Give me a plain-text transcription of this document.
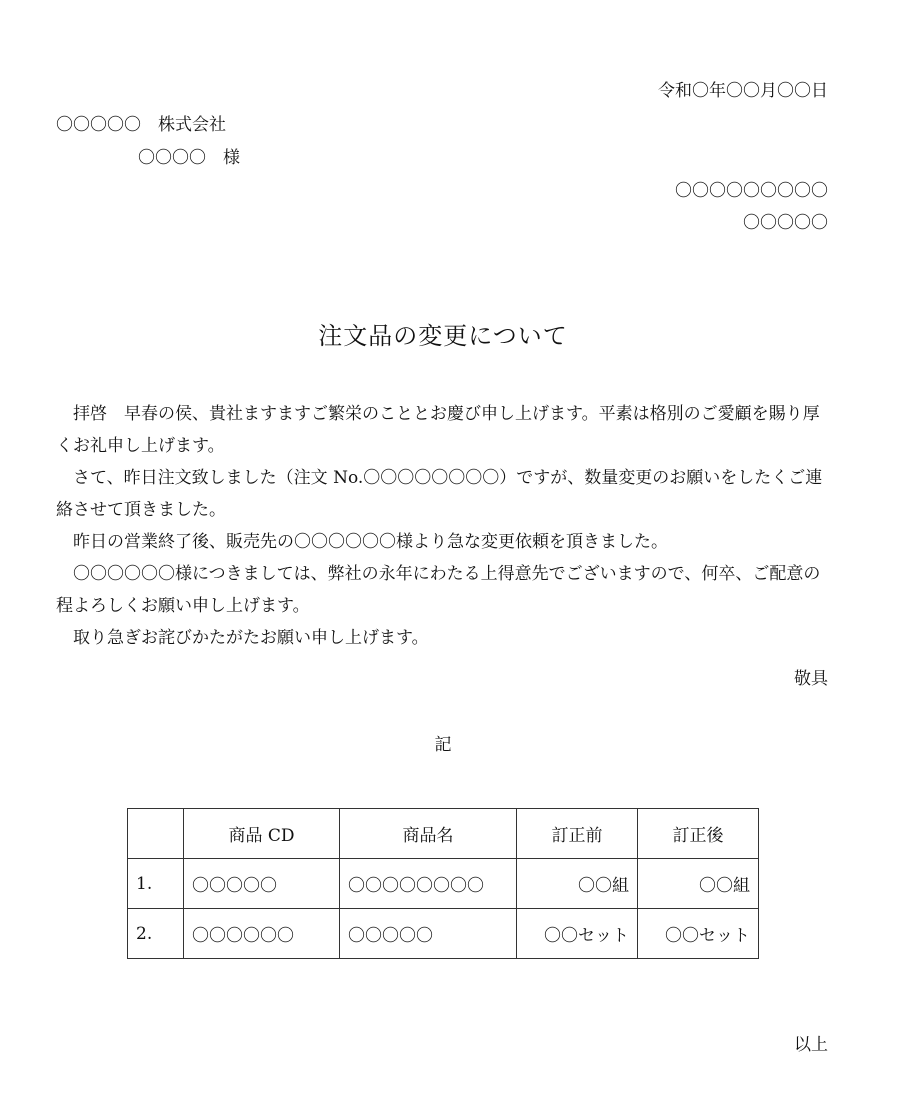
令和〇年〇〇月〇〇日
〇〇〇〇〇　株式会社
〇〇〇〇　様
〇〇〇〇〇〇〇〇〇
〇〇〇〇〇
注文品の変更について

拝啓　早春の侯、貴社ますますご繁栄のこととお慶び申し上げます。平素は格別のご愛顧を賜り厚くお礼申し上げます。

さて、昨日注文致しました（注文 No.〇〇〇〇〇〇〇〇）ですが、数量変更のお願いをしたくご連絡させて頂きました。

昨日の営業終了後、販売先の〇〇〇〇〇〇様より急な変更依頼を頂きました。

〇〇〇〇〇〇様につきましては、弊社の永年にわたる上得意先でございますので、何卒、ご配意の程よろしくお願い申し上げます。

取り急ぎお詫びかたがたお願い申し上げます。

敬具
記
	商品 CD	商品名	訂正前	訂正後
1.	〇〇〇〇〇	〇〇〇〇〇〇〇〇	〇〇組	〇〇組
2.	〇〇〇〇〇〇	〇〇〇〇〇	〇〇セット	〇〇セット
以上
